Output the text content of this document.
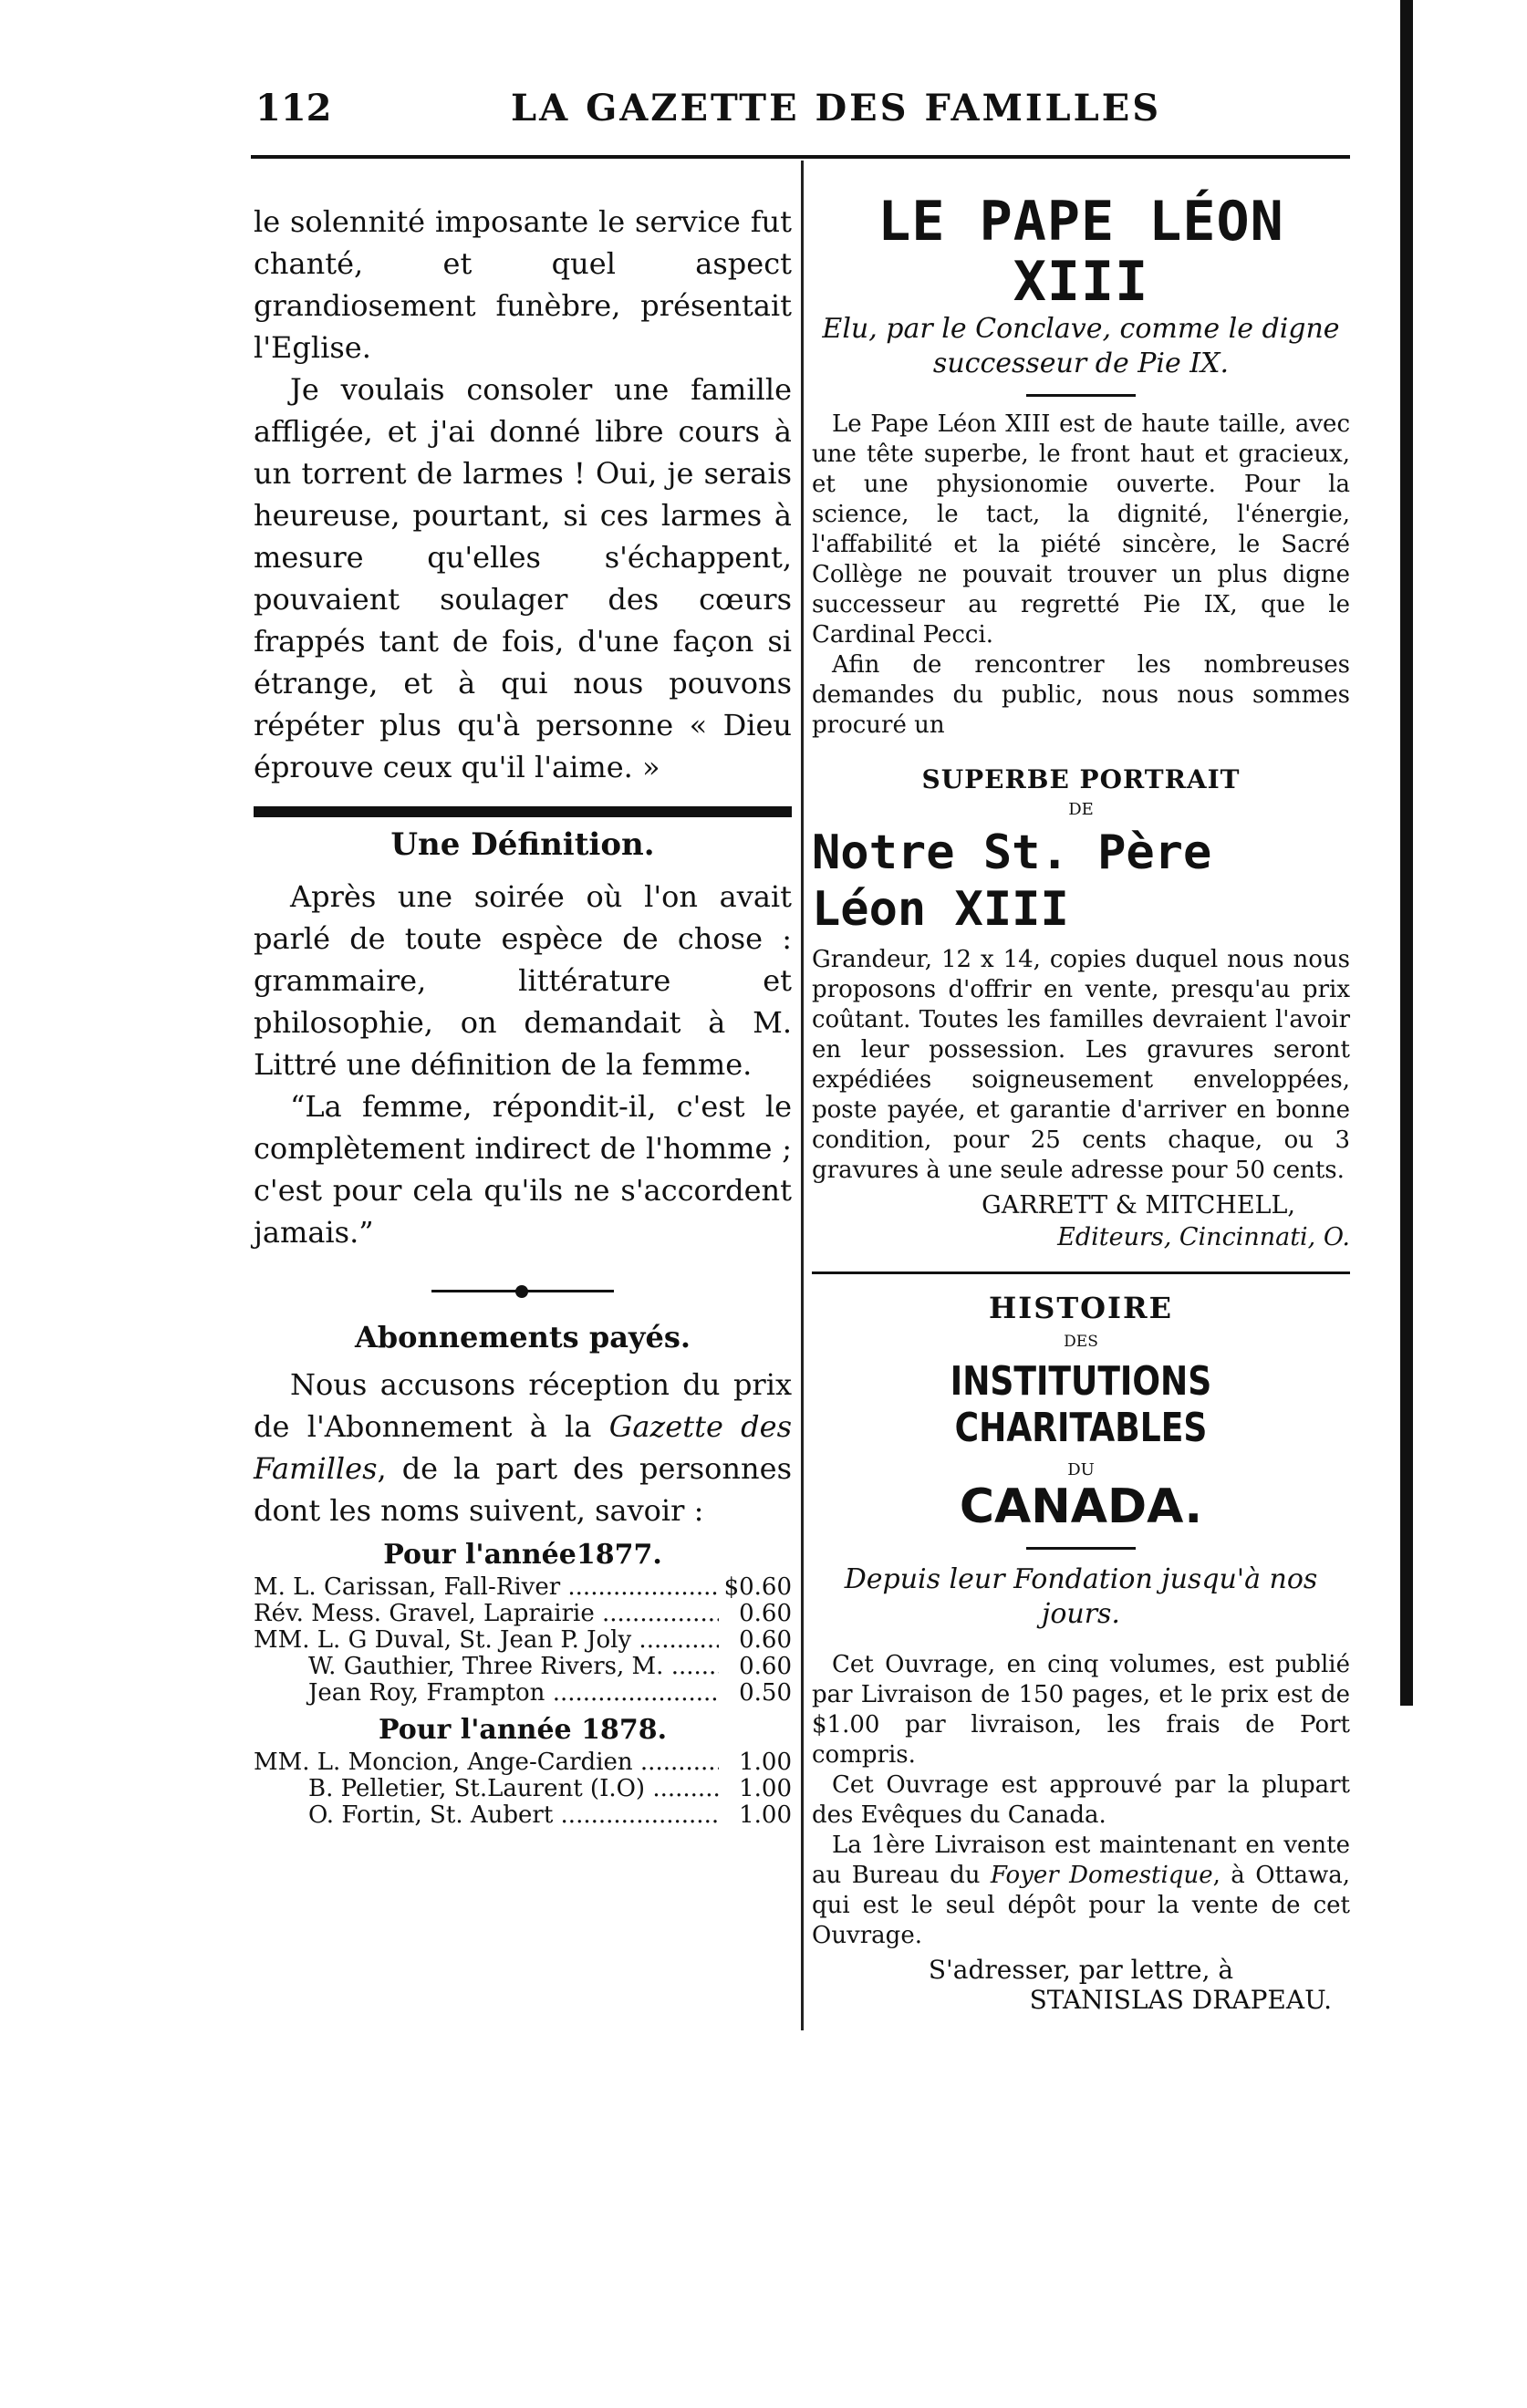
112	LA GAZETTE DES FAMILLES

le solennité imposante le service fut chanté, et quel aspect grandiosement funèbre, présentait l'Eglise.

Je voulais consoler une famille affligée, et j'ai donné libre cours à un torrent de larmes ! Oui, je serais heureuse, pourtant, si ces larmes à mesure qu'elles s'échappent, pouvaient soulager des cœurs frappés tant de fois, d'une façon si étrange, et à qui nous pouvons répéter plus qu'à personne « Dieu éprouve ceux qu'il l'aime. »

Une Définition.

Après une soirée où l'on avait parlé de toute espèce de chose : grammaire, littérature et philosophie, on demandait à M. Littré une définition de la femme.

“La femme, répondit-il, c'est le complètement indirect de l'homme ; c'est pour cela qu'ils ne s'accordent jamais.”

Abonnements payés.

Nous accusons réception du prix de l'Abonnement à la Gazette des Familles, de la part des personnes dont les noms suivent, savoir :

Pour l'année1877.
M. L. Carissan, Fall-River .....	$0.60
Rév. Mess. Gravel, Laprairie .....	0.60
MM. L. G Duval, St. Jean P. Joly .....	0.60
W. Gauthier, Three Rivers, M. .....	0.60
Jean Roy, Frampton .....	0.50
Pour l'année 1878.
MM. L. Moncion, Ange-Cardien .....	1.00
B. Pelletier, St.Laurent (I.O) .....	1.00
O. Fortin, St. Aubert .....	1.00
LE PAPE LÉON XIII
Elu, par le Conclave, comme le digne successeur de Pie IX.

Le Pape Léon XIII est de haute taille, avec une tête superbe, le front haut et gracieux, et une physionomie ouverte. Pour la science, le tact, la dignité, l'énergie, l'affabilité et la piété sincère, le Sacré Collège ne pouvait trouver un plus digne successeur au regretté Pie IX, que le Cardinal Pecci.

Afin de rencontrer les nombreuses demandes du public, nous nous sommes procuré un

SUPERBE PORTRAIT
DE
Notre St. Père Léon XIII

Grandeur, 12 x 14, copies duquel nous nous proposons d'offrir en vente, presqu'au prix coûtant. Toutes les familles devraient l'avoir en leur possession. Les gravures seront expédiées soigneusement enveloppées, poste payée, et garantie d'arriver en bonne condition, pour 25 cents chaque, ou 3 gravures à une seule adresse pour 50 cents.

GARRETT & MITCHELL,
Editeurs, Cincinnati, O.
HISTOIRE
DES
INSTITUTIONS CHARITABLES
DU
CANADA.
Depuis leur Fondation jusqu'à nos jours.

Cet Ouvrage, en cinq volumes, est publié par Livraison de 150 pages, et le prix est de $1.00 par livraison, les frais de Port compris.

Cet Ouvrage est approuvé par la plupart des Evêques du Canada.

La 1ère Livraison est maintenant en vente au Bureau du Foyer Domestique, à Ottawa, qui est le seul dépôt pour la vente de cet Ouvrage.

S'adresser, par lettre, à
STANISLAS DRAPEAU.
